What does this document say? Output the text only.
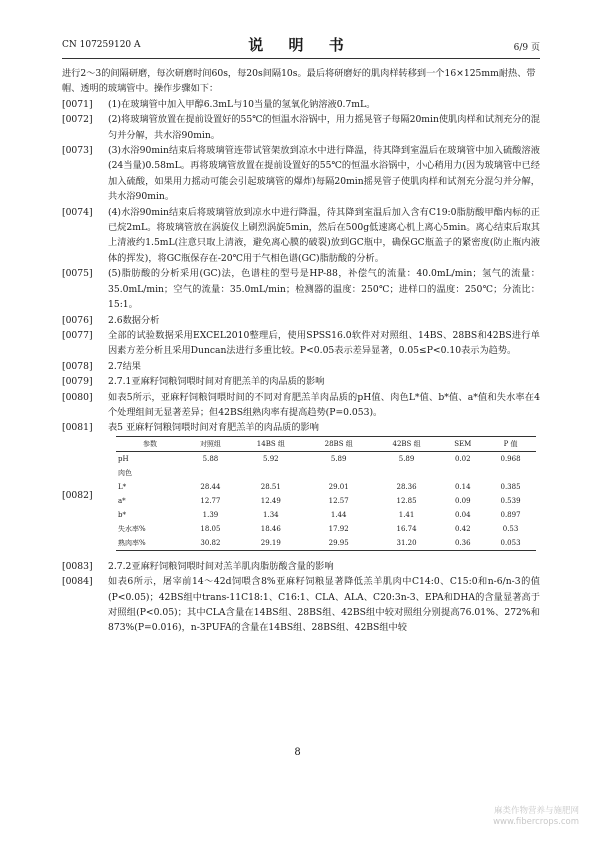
CN 107259120 A	说 明 书	6/9 页
进行2～3的间隔研磨，每次研磨时间60s，每20s间隔10s。最后将研磨好的肌肉样转移到一个16×125mm耐热、带帽、透明的玻璃管中。操作步骤如下：
[0071]	(1)在玻璃管中加入甲醇6.3mL与10当量的氢氧化钠溶液0.7mL。
[0072]	(2)将玻璃管放置在提前设置好的55℃的恒温水浴锅中，用力摇晃管子每隔20min使肌肉样和试剂充分的混匀并分解，共水浴90min。
[0073]	(3)水浴90min结束后将玻璃管连带试管架放到凉水中进行降温，待其降到室温后在玻璃管中加入硫酸溶液(24当量)0.58mL。再将玻璃管放置在提前设置好的55℃的恒温水浴锅中，小心稍用力(因为玻璃管中已经加入硫酸，如果用力摇动可能会引起玻璃管的爆炸)每隔20min摇晃管子使肌肉样和试剂充分混匀并分解，共水浴90min。
[0074]	(4)水浴90min结束后将玻璃管放到凉水中进行降温，待其降到室温后加入含有C19:0脂肪酸甲酯内标的正已烷2mL。将玻璃管放在涡旋仪上刷烈涡旋5min，然后在500g低速离心机上离心5min。离心结束后取其上清液约1.5mL(注意只取上清液，避免离心膜的破裂)放到GC瓶中，确保GC瓶盖子的紧密度(防止瓶内液体的挥发)，将GC瓶保存在-20℃用于气相色谱(GC)脂肪酸的分析。
[0075]	(5)脂肪酸的分析采用(GC)法，色谱柱的型号是HP-88，补偿气的流量：40.0mL/min；氢气的流量：35.0mL/min；空气的流量：35.0mL/min；检测器的温度：250℃；进样口的温度：250℃；分流比：15:1。
[0076]	2.6数据分析
[0077]	全部的试验数据采用EXCEL2010整理后，使用SPSS16.0软件对对照组、14BS、28BS和42BS进行单因素方差分析且采用Duncan法进行多重比较。P<0.05表示差异显著，0.05≤P<0.10表示为趋势。
[0078]	2.7结果
[0079]	2.7.1亚麻籽饲粮饲喂时间对育肥羔羊的肉品质的影响
[0080]	如表5所示，亚麻籽饲粮饲喂时间的不同对育肥羔羊肉品质的pH值、肉色L*值、b*值、a*值和失水率在4个处理组间无显著差异；但42BS组熟肉率有提高趋势(P=0.053)。
[0081]	表5 亚麻籽饲粮饲喂时间对育肥羔羊的肉品质的影响
[0082]
参数	对照组	14BS 组	28BS 组	42BS 组	SEM	P 值
pH	5.88	5.92	5.89	5.89	0.02	0.968
肉色						
L*	28.44	28.51	29.01	28.36	0.14	0.385
a*	12.77	12.49	12.57	12.85	0.09	0.539
b*	1.39	1.34	1.44	1.41	0.04	0.897
失水率%	18.05	18.46	17.92	16.74	0.42	0.53
熟肉率%	30.82	29.19	29.95	31.20	0.36	0.053
[0083]	2.7.2亚麻籽饲粮饲喂时间对羔羊肌肉脂肪酸含量的影响
[0084]	如表6所示，屠宰前14～42d饲喂含8%亚麻籽饲粮显著降低羔羊肌肉中C14:0、C15:0和n-6/n-3的值(P<0.05)；42BS组中trans-11C18:1、C16:1、CLA、ALA、C20:3n-3、EPA和DHA的含量显著高于对照组(P<0.05)；其中CLA含量在14BS组、28BS组、42BS组中较对照组分别提高76.01%、272%和873%(P=0.016)，n-3PUFA的含量在14BS组、28BS组、42BS组中较
8
麻类作物营养与施肥网
www.fibercrops.com
